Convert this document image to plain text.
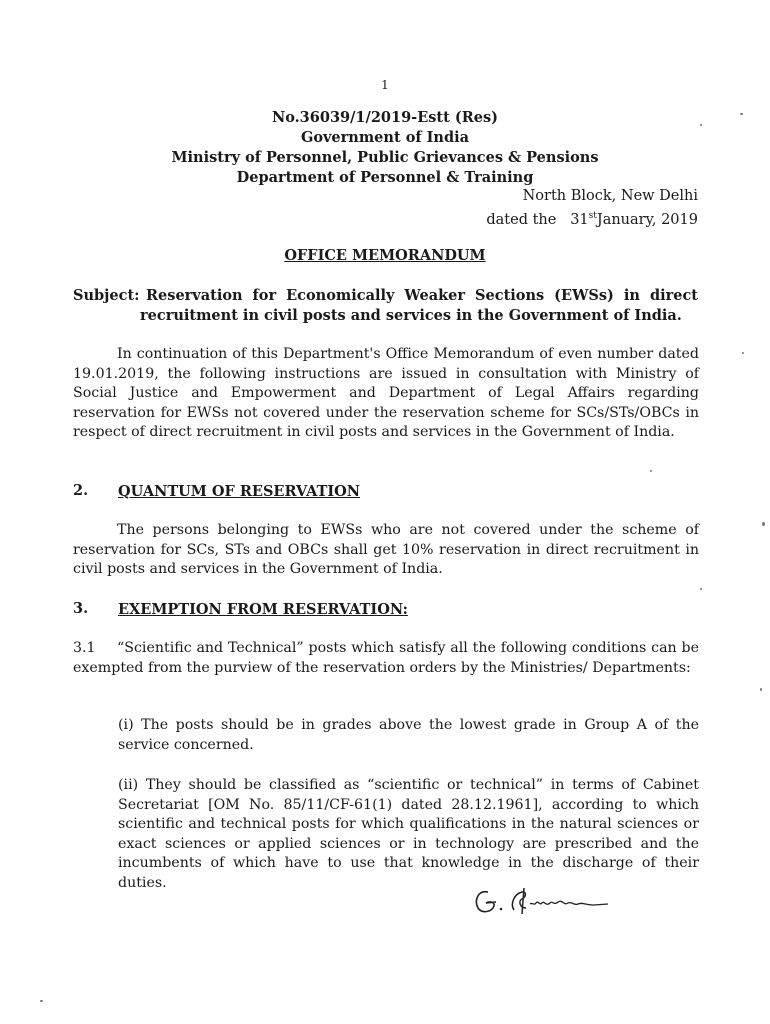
1
No.36039/1/2019-Estt (Res)
Government of India
Ministry of Personnel, Public Grievances & Pensions
Department of Personnel & Training
North Block, New Delhi
dated the 31stJanuary, 2019
OFFICE MEMORANDUM
Subject: Reservation for Economically Weaker Sections (EWSs) in direct
recruitment in civil posts and services in the Government of India.
In continuation of this Department's Office Memorandum of even number dated 19.01.2019, the following instructions are issued in consultation with Ministry of Social Justice and Empowerment and Department of Legal Affairs regarding reservation for EWSs not covered under the reservation scheme for SCs/STs/OBCs in respect of direct recruitment in civil posts and services in the Government of India.
2. QUANTUM OF RESERVATION
The persons belonging to EWSs who are not covered under the scheme of reservation for SCs, STs and OBCs shall get 10% reservation in direct recruitment in civil posts and services in the Government of India.
3. EXEMPTION FROM RESERVATION:
3.1	“Scientific and Technical” posts which satisfy all the following conditions can be exempted from the purview of the reservation orders by the Ministries/ Departments:
(i) The posts should be in grades above the lowest grade in Group A of the service concerned.
(ii) They should be classified as “scientific or technical” in terms of Cabinet Secretariat [OM No. 85/11/CF-61(1) dated 28.12.1961], according to which scientific and technical posts for which qualifications in the natural sciences or exact sciences or applied sciences or in technology are prescribed and the incumbents of which have to use that knowledge in the discharge of their duties.
